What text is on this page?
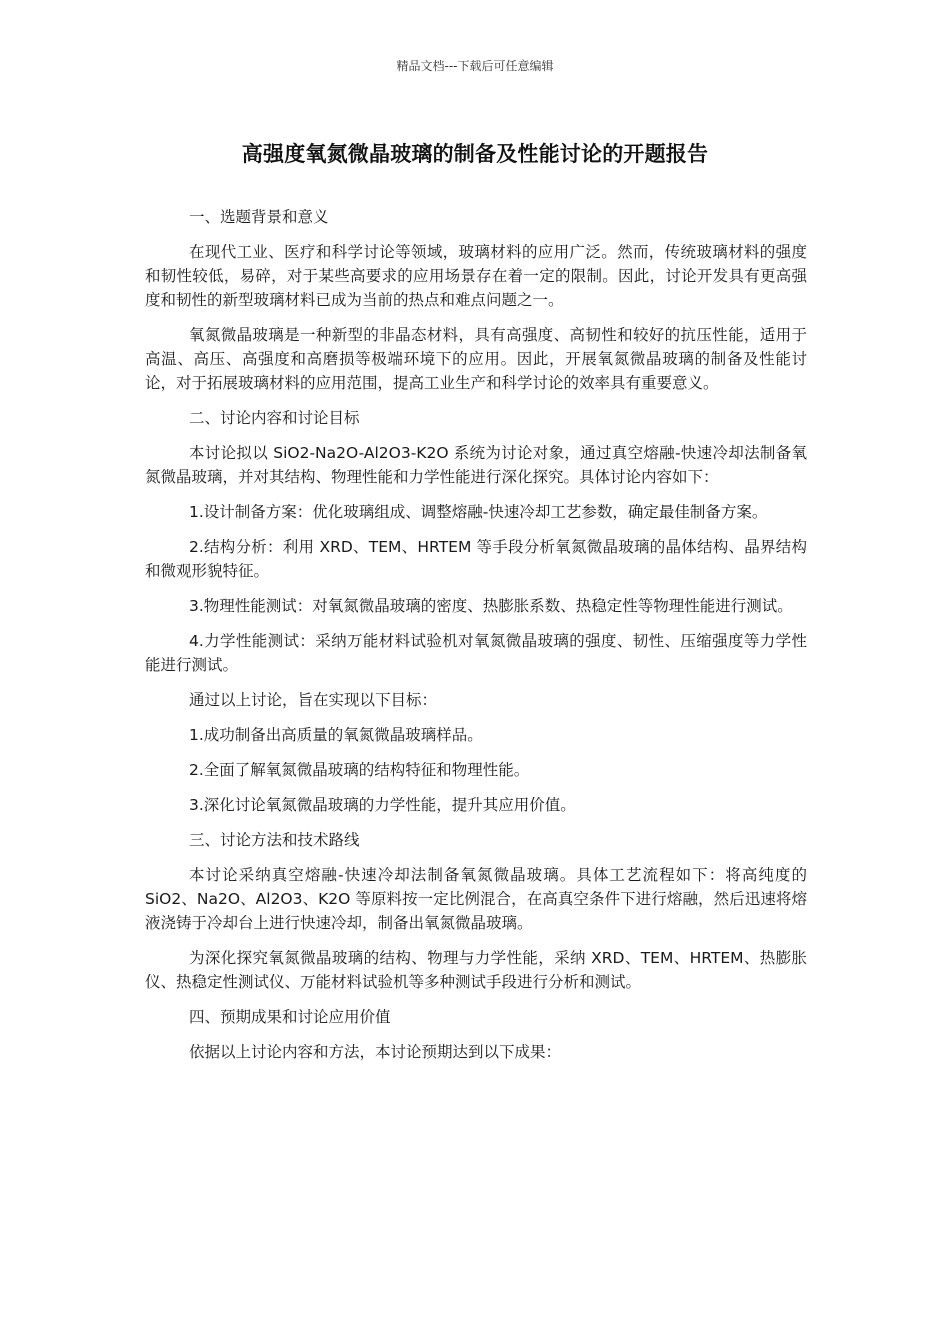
精品文档---下载后可任意编辑
高强度氧氮微晶玻璃的制备及性能讨论的开题报告

一、选题背景和意义

在现代工业、医疗和科学讨论等领域，玻璃材料的应用广泛。然而，传统玻璃材料的强度和韧性较低，易碎，对于某些高要求的应用场景存在着一定的限制。因此，讨论开发具有更高强度和韧性的新型玻璃材料已成为当前的热点和难点问题之一。

氧氮微晶玻璃是一种新型的非晶态材料，具有高强度、高韧性和较好的抗压性能，适用于高温、高压、高强度和高磨损等极端环境下的应用。因此，开展氧氮微晶玻璃的制备及性能讨论，对于拓展玻璃材料的应用范围，提高工业生产和科学讨论的效率具有重要意义。

二、讨论内容和讨论目标

本讨论拟以 SiO2-Na2O-Al2O3-K2O 系统为讨论对象，通过真空熔融-快速冷却法制备氧氮微晶玻璃，并对其结构、物理性能和力学性能进行深化探究。具体讨论内容如下：

1.设计制备方案：优化玻璃组成、调整熔融-快速冷却工艺参数，确定最佳制备方案。

2.结构分析：利用 XRD、TEM、HRTEM 等手段分析氧氮微晶玻璃的晶体结构、晶界结构和微观形貌特征。

3.物理性能测试：对氧氮微晶玻璃的密度、热膨胀系数、热稳定性等物理性能进行测试。

4.力学性能测试：采纳万能材料试验机对氧氮微晶玻璃的强度、韧性、压缩强度等力学性能进行测试。

通过以上讨论，旨在实现以下目标：

1.成功制备出高质量的氧氮微晶玻璃样品。

2.全面了解氧氮微晶玻璃的结构特征和物理性能。

3.深化讨论氧氮微晶玻璃的力学性能，提升其应用价值。

三、讨论方法和技术路线

本讨论采纳真空熔融-快速冷却法制备氧氮微晶玻璃。具体工艺流程如下：将高纯度的 SiO2、Na2O、Al2O3、K2O 等原料按一定比例混合，在高真空条件下进行熔融，然后迅速将熔液浇铸于冷却台上进行快速冷却，制备出氧氮微晶玻璃。

为深化探究氧氮微晶玻璃的结构、物理与力学性能，采纳 XRD、TEM、HRTEM、热膨胀仪、热稳定性测试仪、万能材料试验机等多种测试手段进行分析和测试。

四、预期成果和讨论应用价值

依据以上讨论内容和方法，本讨论预期达到以下成果：
